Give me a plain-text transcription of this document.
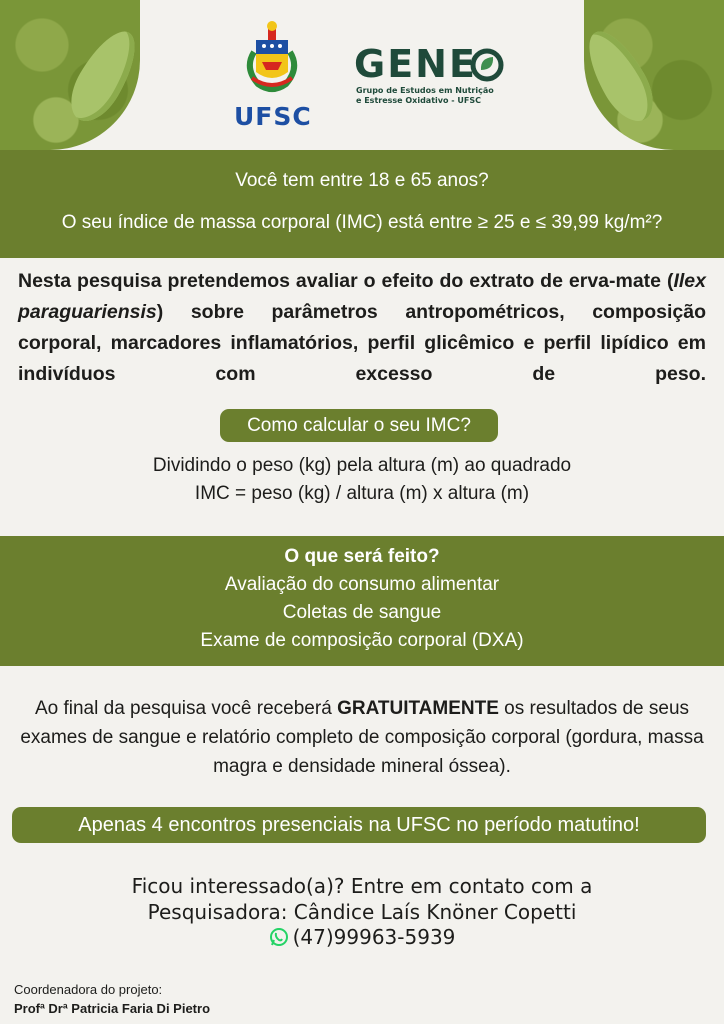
UFSC
GENE
Grupo de Estudos em Nutrição
e Estresse Oxidativo - UFSC
Você tem entre 18 e 65 anos?
O seu índice de massa corporal (IMC) está entre ≥ 25 e ≤ 39,99 kg/m²?
Nesta pesquisa pretendemos avaliar o efeito do extrato de erva-mate (Ilex paraguariensis) sobre parâmetros antropométricos, composição corporal, marcadores inflamatórios, perfil glicêmico e perfil lipídico em indivíduos com excesso de peso.
Como calcular o seu IMC?
Dividindo o peso (kg) pela altura (m) ao quadrado
IMC = peso (kg) / altura (m) x altura (m)
O que será feito?
Avaliação do consumo alimentar
Coletas de sangue
Exame de composição corporal (DXA)
Ao final da pesquisa você receberá GRATUITAMENTE os resultados de seus exames de sangue e relatório completo de composição corporal (gordura, massa magra e densidade mineral óssea).
Apenas 4 encontros presenciais na UFSC no período matutino!
Ficou interessado(a)? Entre em contato com a
Pesquisadora: Cândice Laís Knöner Copetti
(47)99963-5939
Coordenadora do projeto:
Profª Drª Patricia Faria Di Pietro
